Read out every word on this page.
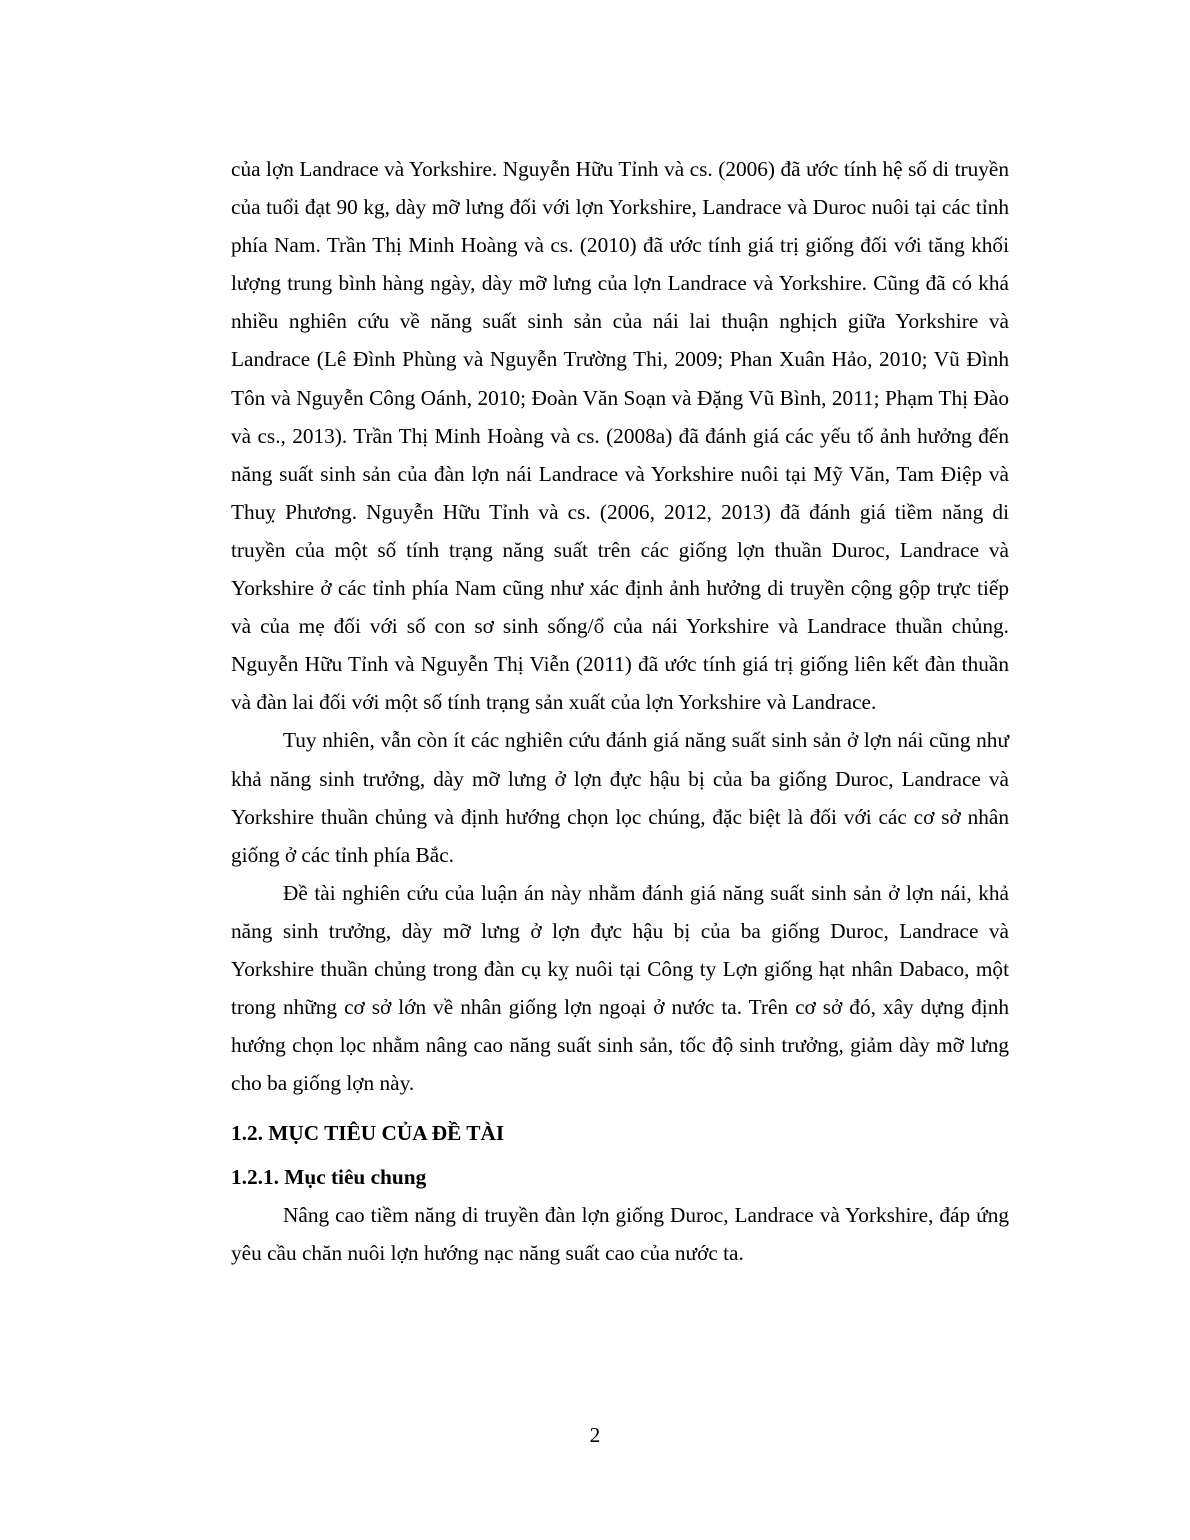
của lợn Landrace và Yorkshire. Nguyễn Hữu Tỉnh và cs. (2006) đã ước tính hệ số di truyền của tuổi đạt 90 kg, dày mỡ lưng đối với lợn Yorkshire, Landrace và Duroc nuôi tại các tỉnh phía Nam. Trần Thị Minh Hoàng và cs. (2010) đã ước tính giá trị giống đối với tăng khối lượng trung bình hàng ngày, dày mỡ lưng của lợn Landrace và Yorkshire. Cũng đã có khá nhiều nghiên cứu về năng suất sinh sản của nái lai thuận nghịch giữa Yorkshire và Landrace (Lê Đình Phùng và Nguyễn Trường Thi, 2009; Phan Xuân Hảo, 2010; Vũ Đình Tôn và Nguyễn Công Oánh, 2010; Đoàn Văn Soạn và Đặng Vũ Bình, 2011; Phạm Thị Đào và cs., 2013). Trần Thị Minh Hoàng và cs. (2008a) đã đánh giá các yếu tố ảnh hưởng đến năng suất sinh sản của đàn lợn nái Landrace và Yorkshire nuôi tại Mỹ Văn, Tam Điệp và Thuỵ Phương. Nguyễn Hữu Tỉnh và cs. (2006, 2012, 2013) đã đánh giá tiềm năng di truyền của một số tính trạng năng suất trên các giống lợn thuần Duroc, Landrace và Yorkshire ở các tỉnh phía Nam cũng như xác định ảnh hưởng di truyền cộng gộp trực tiếp và của mẹ đối với số con sơ sinh sống/ổ của nái Yorkshire và Landrace thuần chủng. Nguyễn Hữu Tỉnh và Nguyễn Thị Viễn (2011) đã ước tính giá trị giống liên kết đàn thuần và đàn lai đối với một số tính trạng sản xuất của lợn Yorkshire và Landrace.

Tuy nhiên, vẫn còn ít các nghiên cứu đánh giá năng suất sinh sản ở lợn nái cũng như khả năng sinh trưởng, dày mỡ lưng ở lợn đực hậu bị của ba giống Duroc, Landrace và Yorkshire thuần chủng và định hướng chọn lọc chúng, đặc biệt là đối với các cơ sở nhân giống ở các tỉnh phía Bắc.

Đề tài nghiên cứu của luận án này nhằm đánh giá năng suất sinh sản ở lợn nái, khả năng sinh trưởng, dày mỡ lưng ở lợn đực hậu bị của ba giống Duroc, Landrace và Yorkshire thuần chủng trong đàn cụ kỵ nuôi tại Công ty Lợn giống hạt nhân Dabaco, một trong những cơ sở lớn về nhân giống lợn ngoại ở nước ta. Trên cơ sở đó, xây dựng định hướng chọn lọc nhằm nâng cao năng suất sinh sản, tốc độ sinh trưởng, giảm dày mỡ lưng cho ba giống lợn này.

1.2. MỤC TIÊU CỦA ĐỀ TÀI
1.2.1. Mục tiêu chung

Nâng cao tiềm năng di truyền đàn lợn giống Duroc, Landrace và Yorkshire, đáp ứng yêu cầu chăn nuôi lợn hướng nạc năng suất cao của nước ta.

2
